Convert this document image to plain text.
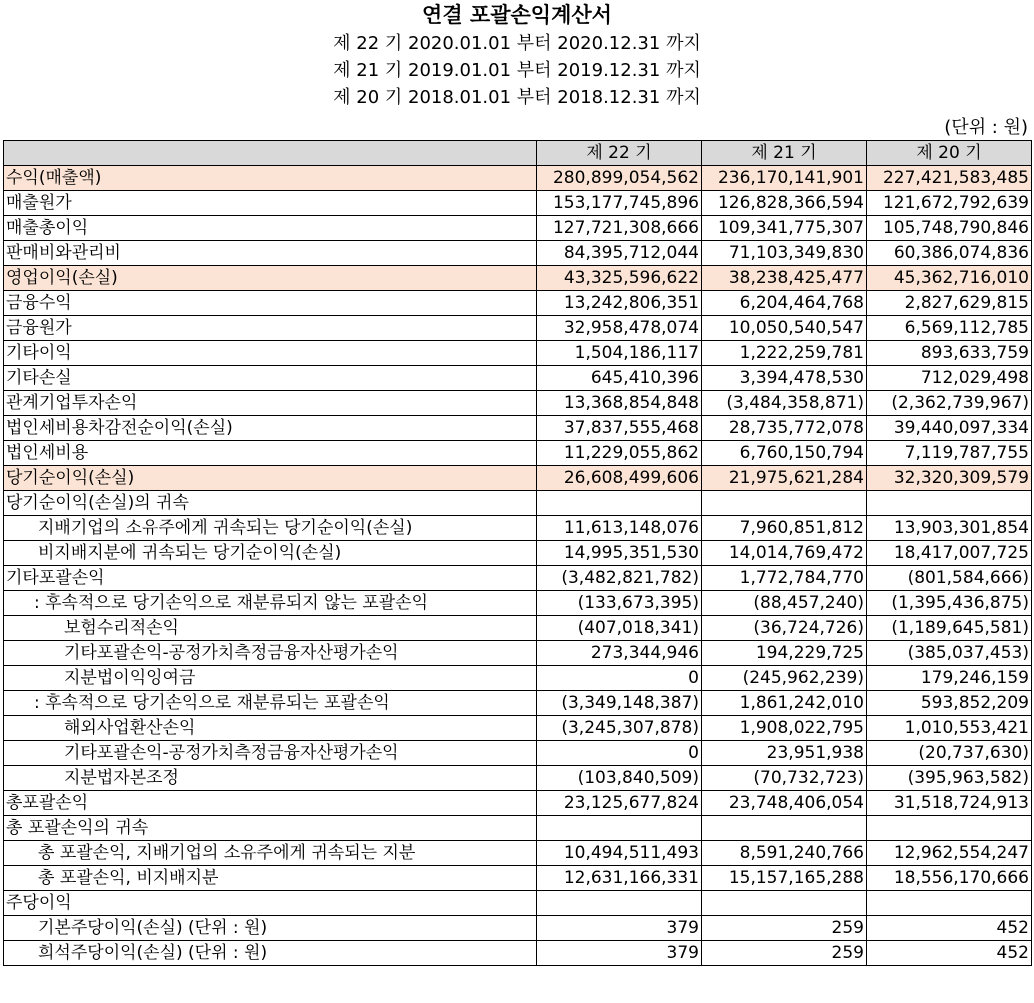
연결 포괄손익계산서
제 22 기 2020.01.01 부터 2020.12.31 까지
제 21 기 2019.01.01 부터 2019.12.31 까지
제 20 기 2018.01.01 부터 2018.12.31 까지
(단위 : 원)
	제 22 기	제 21 기	제 20 기
수익(매출액)	280,899,054,562	236,170,141,901	227,421,583,485
매출원가	153,177,745,896	126,828,366,594	121,672,792,639
매출총이익	127,721,308,666	109,341,775,307	105,748,790,846
판매비와관리비	84,395,712,044	71,103,349,830	60,386,074,836
영업이익(손실)	43,325,596,622	38,238,425,477	45,362,716,010
금융수익	13,242,806,351	6,204,464,768	2,827,629,815
금융원가	32,958,478,074	10,050,540,547	6,569,112,785
기타이익	1,504,186,117	1,222,259,781	893,633,759
기타손실	645,410,396	3,394,478,530	712,029,498
관계기업투자손익	13,368,854,848	(3,484,358,871)	(2,362,739,967)
법인세비용차감전순이익(손실)	37,837,555,468	28,735,772,078	39,440,097,334
법인세비용	11,229,055,862	6,760,150,794	7,119,787,755
당기순이익(손실)	26,608,499,606	21,975,621,284	32,320,309,579
당기순이익(손실)의 귀속			
지배기업의 소유주에게 귀속되는 당기순이익(손실)	11,613,148,076	7,960,851,812	13,903,301,854
비지배지분에 귀속되는 당기순이익(손실)	14,995,351,530	14,014,769,472	18,417,007,725
기타포괄손익	(3,482,821,782)	1,772,784,770	(801,584,666)
: 후속적으로 당기손익으로 재분류되지 않는 포괄손익	(133,673,395)	(88,457,240)	(1,395,436,875)
보험수리적손익	(407,018,341)	(36,724,726)	(1,189,645,581)
기타포괄손익-공정가치측정금융자산평가손익	273,344,946	194,229,725	(385,037,453)
지분법이익잉여금	0	(245,962,239)	179,246,159
: 후속적으로 당기손익으로 재분류되는 포괄손익	(3,349,148,387)	1,861,242,010	593,852,209
해외사업환산손익	(3,245,307,878)	1,908,022,795	1,010,553,421
기타포괄손익-공정가치측정금융자산평가손익	0	23,951,938	(20,737,630)
지분법자본조정	(103,840,509)	(70,732,723)	(395,963,582)
총포괄손익	23,125,677,824	23,748,406,054	31,518,724,913
총 포괄손익의 귀속			
총 포괄손익, 지배기업의 소유주에게 귀속되는 지분	10,494,511,493	8,591,240,766	12,962,554,247
총 포괄손익, 비지배지분	12,631,166,331	15,157,165,288	18,556,170,666
주당이익			
기본주당이익(손실) (단위 : 원)	379	259	452
희석주당이익(손실) (단위 : 원)	379	259	452
